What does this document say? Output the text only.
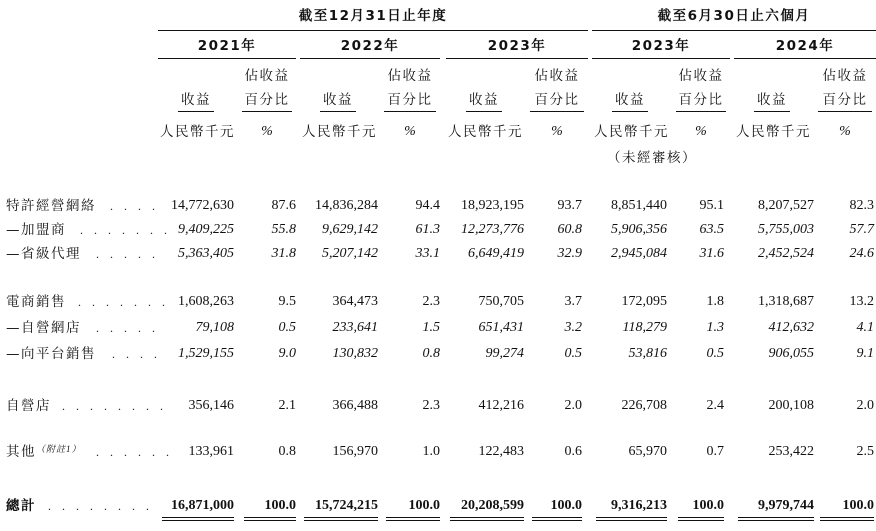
截至12月31日止年度	截至6月30日止六個月
2021年	2022年	2023年	2023年	2024年
佔收益
收益	百分比
人民幣千元	%
佔收益
收益	百分比
人民幣千元	%
佔收益
收益	百分比
人民幣千元	%
佔收益
收益	百分比
人民幣千元	%
佔收益
收益	百分比
人民幣千元	%
特許經營網絡 . . . . 14,772,630	87.6 14,836,284	94.4 18,923,195 93.7 8,851,440 95.1 8,207,527	82.3
—加盟商 . . . . . . . 9,409,225	55.8 9,629,142	61.3 12,273,776 60.8 5,906,356 63.5 5,755,003	57.7
—省級代理 . . . . . 5,363,405	31.8 5,207,142	33.1 6,649,419 32.9 2,945,084 31.6 2,452,524	24.6
電商銷售 . . . . . . . 1,608,263	9.5	364,473	2.3	750,705	3.7	172,095	1.8 1,318,687	13.2
—自營網店 . . . . .	79,108	0.5	233,641	1.5	651,431	3.2	118,279	1.3	412,632	4.1
—向平台銷售 . . . . 1,529,155	9.0	130,832	0.8	99,274	0.5	53,816	0.5	906,055	9.1
自營店 . . . . . . . . 356,146	2.1	366,488	2.3	412,216	2.0	226,708	2.4	200,108	2.0
其他 （附註1） . . . . . . 133,961	0.8	156,970	1.0	122,483	0.6	65,970	0.7	253,422	2.5
總計 . . . . . . . . 16,871,000 100.0 15,724,215 100.0 20,208,599 100.0 9,316,213 100.0 9,979,744 100.0
（未經審核）
